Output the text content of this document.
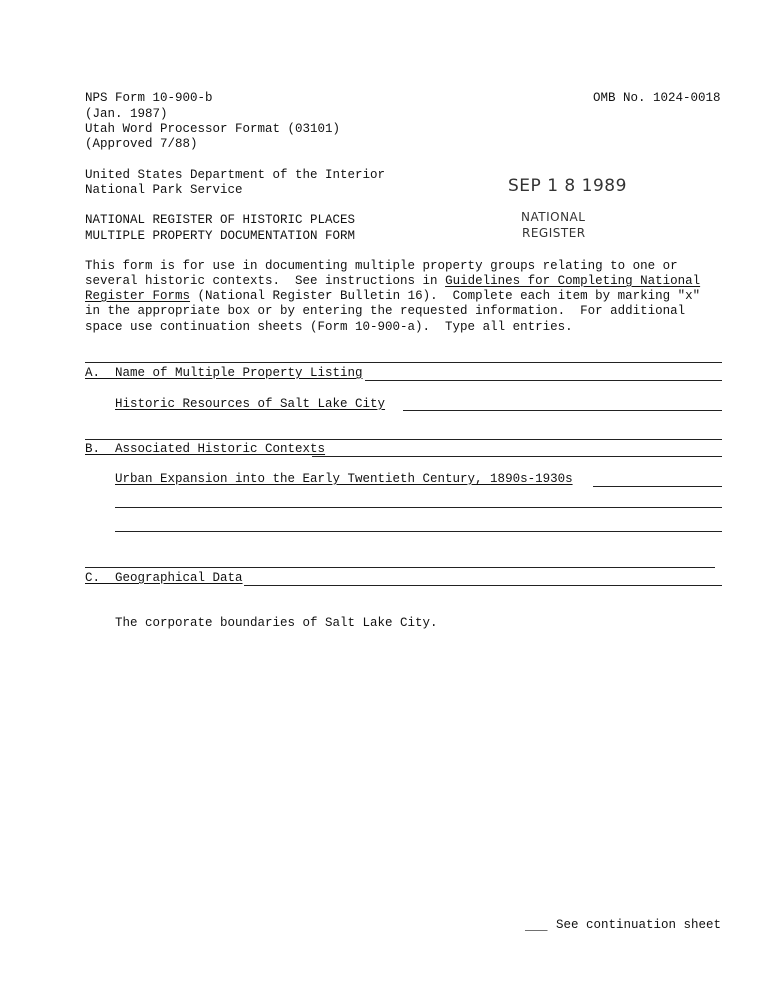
NPS Form 10-900-b
(Jan. 1987)
Utah Word Processor Format (03101)
(Approved 7/88)
OMB No. 1024-0018
United States Department of the Interior
National Park Service	SEP 1 8 1989
NATIONAL
REGISTER
NATIONAL REGISTER OF HISTORIC PLACES
MULTIPLE PROPERTY DOCUMENTATION FORM
This form is for use in documenting multiple property groups relating to one or
several historic contexts.  See instructions in Guidelines for Completing National
Register Forms (National Register Bulletin 16).  Complete each item by marking "x"
in the appropriate box or by entering the requested information.  For additional
space use continuation sheets (Form 10-900-a).  Type all entries.
A.  Name of Multiple Property Listing
Historic Resources of Salt Lake City
B.  Associated Historic Contexts
Urban Expansion into the Early Twentieth Century, 1890s-1930s
C.  Geographical Data
The corporate boundaries of Salt Lake City.
___ See continuation sheet
